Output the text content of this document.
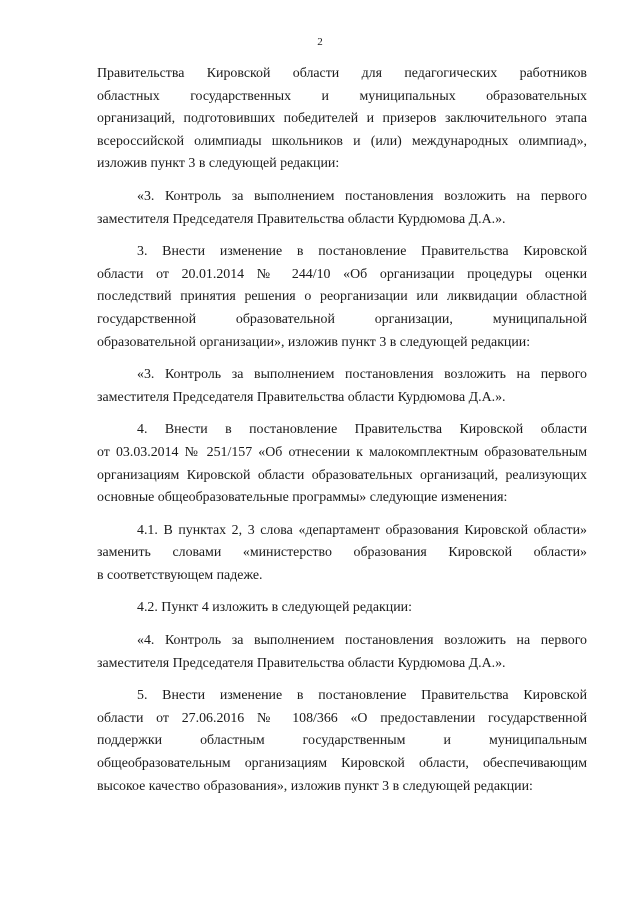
2
Правительства Кировской области для педагогических работников
областных государственных и муниципальных образовательных
организаций, подготовивших победителей и призеров заключительного этапа
всероссийской олимпиады школьников и (или) международных олимпиад»,
изложив пункт 3 в следующей редакции:
«3. Контроль за выполнением постановления возложить на первого
заместителя Председателя Правительства области Курдюмова Д.А.».
3. Внести изменение в постановление Правительства Кировской
области от 20.01.2014 № 244/10 «Об организации процедуры оценки
последствий принятия решения о реорганизации или ликвидации областной
государственной образовательной организации, муниципальной
образовательной организации», изложив пункт 3 в следующей редакции:
«3. Контроль за выполнением постановления возложить на первого
заместителя Председателя Правительства области Курдюмова Д.А.».
4. Внести в постановление Правительства Кировской области
от 03.03.2014 № 251/157 «Об отнесении к малокомплектным образовательным
организациям Кировской области образовательных организаций, реализующих
основные общеобразовательные программы» следующие изменения:
4.1. В пунктах 2, 3 слова «департамент образования Кировской области»
заменить словами «министерство образования Кировской области»
в соответствующем падеже.
4.2. Пункт 4 изложить в следующей редакции:
«4. Контроль за выполнением постановления возложить на первого
заместителя Председателя Правительства области Курдюмова Д.А.».
5. Внести изменение в постановление Правительства Кировской
области от 27.06.2016 № 108/366 «О предоставлении государственной
поддержки областным государственным и муниципальным
общеобразовательным организациям Кировской области, обеспечивающим
высокое качество образования», изложив пункт 3 в следующей редакции:
